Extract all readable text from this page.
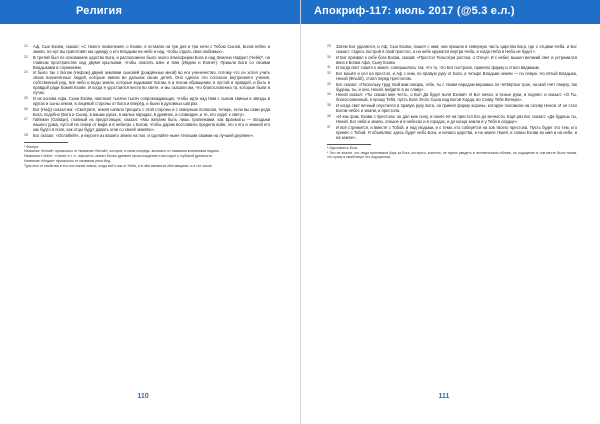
Религия
22	Аф, Сын Ехови, сказал: «С твоего позволения, о Ехови, я оставлю на три дня и три ночи с Тобою Сынов, Богов небес и земли, по-нут вы приготовят им одежду о его Владыки на небе и над, чтобы отдать свои любимых».
23	В третий был по основаниях царство Бога, и расположено было около атмосферии Бога и над Землею Нафрет (Чейн)*, на главном пространстве над двумя крыльями, чтобы опасить Шен и Хим (Индию и Египет). Пришли Боги со своими Владыками и служением.
24	И было так с Богом (Нефом) двумя землями сыновей (рождённые мной) во его ученичество, потому что он хотел учить своих вознесённых людей, которые имели во дальних своих детей. Оно сделал это согласно внутреннего учения, собственный ряд, всё небо и воды земли, которые вздымают Богам, в и ясном обращении, в пустой и правдой, и быть в правдой ради божий Ехови. И когда я удостоился вести во свете, и мы сказали им, что благословенна та, которые были в лучах.
25	И их основа Афа, Сына Ехови, наплюют тысячи тысяч сопровождающих, чтобы идти над Ним с сыном свиньи и звёзды в кругах и сыны земли, в лицевой стороны от Бога и вперёд, и были в духовных шатрах.
26	Бог (Неф) сказал им: «Смотрите, земля начала трещать с этой стороны и с северным полюсом, теперь, если вы сами рода Бога, подобно (Бога и Сына), в ваших руках, в малых народах, в древних, и созвездие, и те, кто ходит к свету».
27	Гайтман (Gaitaqe), главный из предстоящих, сказал: «Мы желаем быть лишь тропинками, как Брахмоты — Владыки нашего дома, пустой на север от мира и в небесах с Богом, чтобы даром восславить предела войн, это к его и земной его как будто в поле, как отцы будут давать огни со своей землёю».
28	Бог сказал: «Ослабейте, и вкусите из вашего земли на пол, и сделайте ныне тёплыми своими на лучшей деревне».

* Фангра.

Название «Китай» произошло от названия «Катай», которое, в свою очередь, возникло от названия кочевников Кидань.

Названия «Чейн», «Чина» и т. п., вероятно, имеют более древнее происхождение и восходят к глубокой древности.

Название «Индия» произошло от названия реки Инд.

Туре моя от свойства в это состояния земли, когда всё и мы от Неба, и в нём являются обитающими, и в тот числе.

110
Апокриф-117: июль 2017 (@5.3 е.л.)
29	Затем Бог удалился, и Аф, Сын Ехови, пошёл с ним; они пришли в северную часть царства Бога, где с отцами Неба, и Бог сказал: «Здесь построй я свой престол, а на небе кружатся внутри Неба, и когда Неба в Небо не будет».
30	И Бог призвал к себе бога Богам, сказав: «Престол Тельготри ростом, о Отец!» И с небес вышел великий свет и устремился вниз к Богам Афа, Сыну Ехови.
31	И когда свет сошёл к земле, совершилось так, что то, что Бог построил, приняло форму и стало видимым.
32	Бог вошёл и сел на престол, и Аф с ним, по правую руку от Бога, а четыре Владыки земли — по левую. Но пятый Владыка, Некой (Фльбб), стоял перед престолом.
33	Бог сказал: «Поскольку труд твой вам говорю, тебе, ты с твоим народом вершишь по четвёртые трое, на мой счёт сверху, так будешь ты, и они, Некой, войдёте в их славу».
34	Некой сказал: «Ты сказал мне честь, о Бог! Да будет воля Ехови!» И Бог начал, и ясные руки, и поднял, и сказал: «О Ты, благословенный, я прошу Тебя, пусть Бога Этого Сына над Богов Хорда, во Славу Тебе Вечную».
35	И когда свет вечный опустился в правую руку Бога, он принял форму короны, которую положили на голову Некоя. И он стал Богом небес и земли, и престола.
36	«И как гром, Ехови с престола: он дал мне силу, и понёс её на престол Его до вечности. Ещё раз Бог сказал: «Да будешь ты, Некой, Бог неба и земли, отныне и в небесах и в городах, и до конца земли и у Тебя в сердце».
37	И всё стремится, и вместе с Тобой, и над людьми, и с теми, кто соберётся на зов твоего престола. Пусть будет это тем, кто принёс с Тобой. Я объявляю: здесь будет небо Бога, и начало царства, и на земле твоей, и славы Ехови во имя и на небе, и на земле».

* Идоловость Бога.

* Это не значит, что люди принимали Афа за Бога, которого, конечно, не нужно увидеть в человеческом облике, но ощущение в том месте было таким, что сразу в своей вере это ощущалось.

111
